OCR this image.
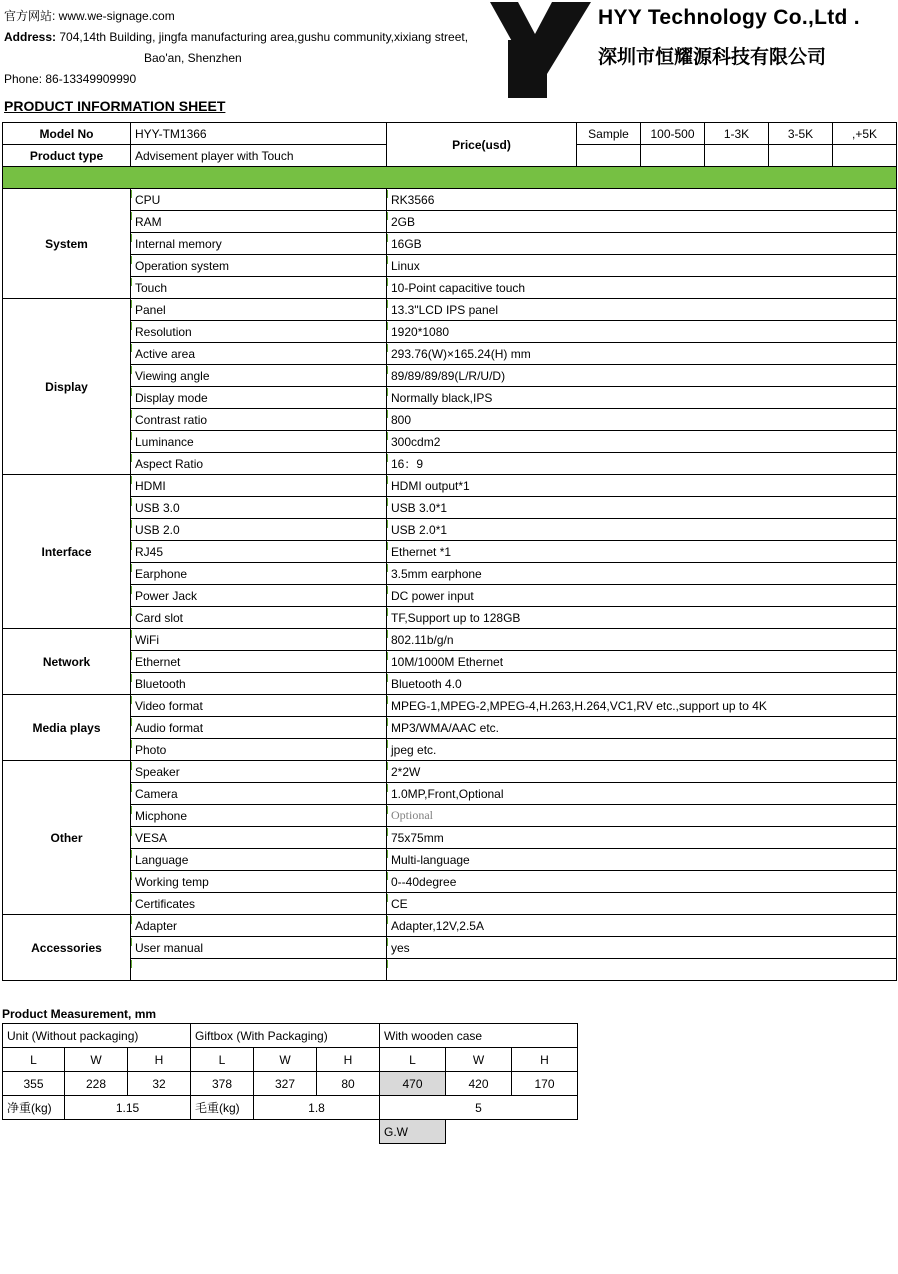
官方网站: www.we-signage.com
Address: 704,14th Building, jingfa manufacturing area,gushu community,xixiang street,
Bao'an, Shenzhen
Phone: 86-13349909990
HYY Technology Co.,Ltd .
深圳市恒耀源科技有限公司
PRODUCT INFORMATION SHEET
Model No	HYY-TM1366	Price(usd)	Sample	100-500	1-3K	3-5K	,+5K
Product type	Advisement player with Touch						

System	CPU	RK3566					
	RAM	2GB					
	Internal memory	16GB					
	Operation system	Linux					
	Touch	10-Point capacitive touch					
Display	Panel	13.3"LCD IPS panel					
	Resolution	1920*1080					
	Active area	293.76(W)×165.24(H) mm					
	Viewing angle	89/89/89/89(L/R/U/D)					
	Display mode	Normally black,IPS					
	Contrast ratio	800					
	Luminance	300cdm2					
	Aspect Ratio	16：9					
Interface	HDMI	HDMI output*1					
	USB 3.0	USB 3.0*1					
	USB 2.0	USB 2.0*1					
	RJ45	Ethernet *1					
	Earphone	3.5mm earphone					
	Power Jack	DC power input					
	Card slot	TF,Support up to 128GB					
Network	WiFi	802.11b/g/n					
	Ethernet	10M/1000M Ethernet					
	Bluetooth	Bluetooth 4.0					
Media plays	Video format	MPEG-1,MPEG-2,MPEG-4,H.263,H.264,VC1,RV etc.,support up to 4K					
	Audio format	MP3/WMA/AAC etc.					
	Photo	jpeg etc.					
Other	Speaker	2*2W					
	Camera	1.0MP,Front,Optional					
	Micphone	Optional					
	VESA	75x75mm					
	Language	Multi-language					
	Working temp	0--40degree					
	Certificates	CE					
Accessories	Adapter	Adapter,12V,2.5A					
	User manual	yes					

Product Measurement, mm
Unit (Without packaging)			Giftbox (With Packaging)			With wooden case		
L	W	H	L	W	H	L	W	H
355	228	32	378	327	80	470	420	170
净重(kg)	1.15		毛重(kg)	1.8		5		
						G.W		
